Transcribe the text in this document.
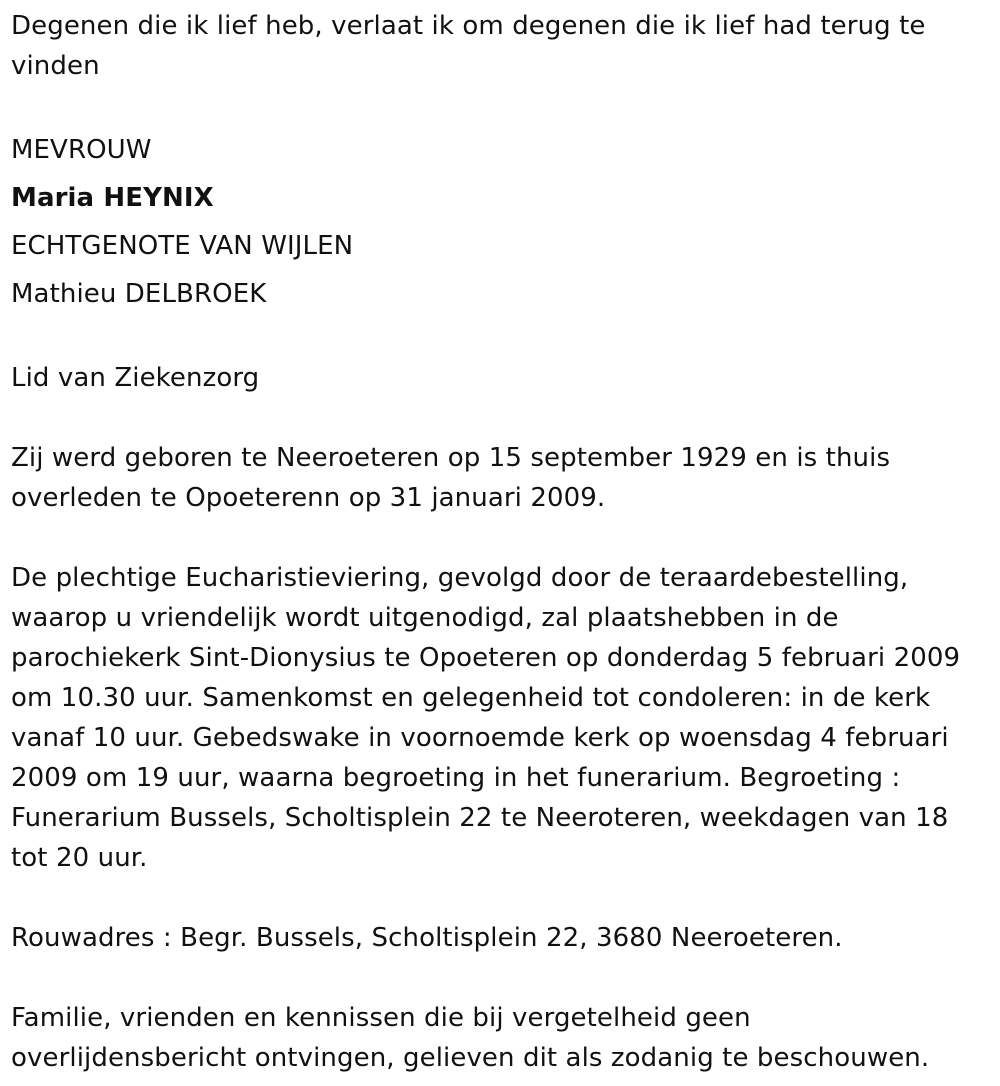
Degenen die ik lief heb, verlaat ik om degenen die ik lief had terug te
vinden

MEVROUW
Maria HEYNIX
ECHTGENOTE VAN WIJLEN
Mathieu DELBROEK

Lid van Ziekenzorg

Zij werd geboren te Neeroeteren op 15 september 1929 en is thuis
overleden te Opoeterenn op 31 januari 2009.

De plechtige Eucharistieviering, gevolgd door de teraardebestelling,
waarop u vriendelijk wordt uitgenodigd, zal plaatshebben in de
parochiekerk Sint-Dionysius te Opoeteren op donderdag 5 februari 2009
om 10.30 uur. Samenkomst en gelegenheid tot condoleren: in de kerk
vanaf 10 uur. Gebedswake in voornoemde kerk op woensdag 4 februari
2009 om 19 uur, waarna begroeting in het funerarium. Begroeting :
Funerarium Bussels, Scholtisplein 22 te Neeroteren, weekdagen van 18
tot 20 uur.

Rouwadres : Begr. Bussels, Scholtisplein 22, 3680 Neeroeteren.

Familie, vrienden en kennissen die bij vergetelheid geen
overlijdensbericht ontvingen, gelieven dit als zodanig te beschouwen.
